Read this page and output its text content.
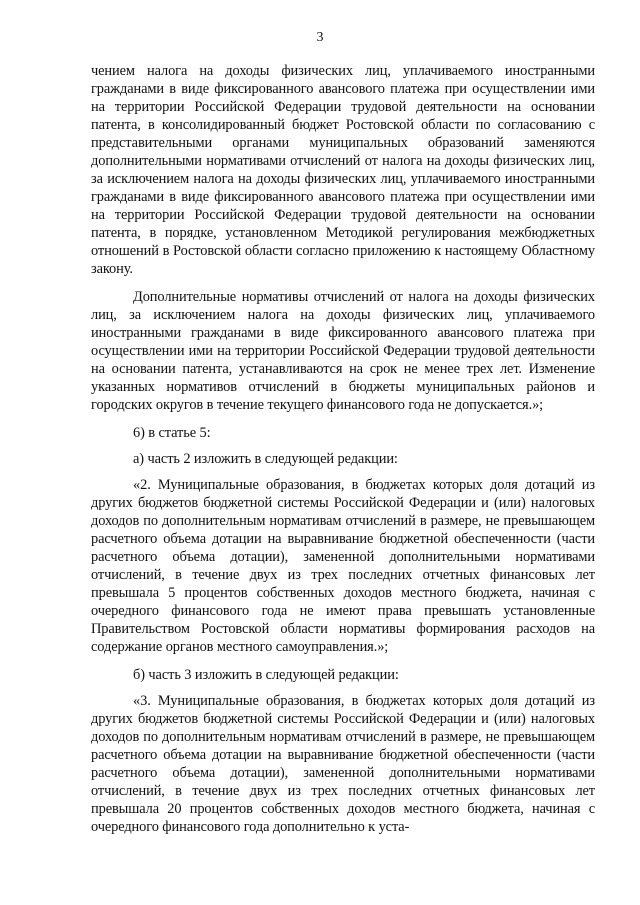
3

чением налога на доходы физических лиц, уплачиваемого иностранными гражданами в виде фиксированного авансового платежа при осуществлении ими на территории Российской Федерации трудовой деятельности на основании патента, в консолидированный бюджет Ростовской области по согласованию с представительными органами муниципальных образований заменяются дополнительными нормативами отчислений от налога на доходы физических лиц, за исключением налога на доходы физических лиц, уплачиваемого иностранными гражданами в виде фиксированного авансового платежа при осуществлении ими на территории Российской Федерации трудовой деятельности на основании патента, в порядке, установленном Методикой регулирования межбюджетных отношений в Ростовской области согласно приложению к настоящему Областному закону.

Дополнительные нормативы отчислений от налога на доходы физических лиц, за исключением налога на доходы физических лиц, уплачиваемого иностранными гражданами в виде фиксированного авансового платежа при осуществлении ими на территории Российской Федерации трудовой деятельности на основании патента, устанавливаются на срок не менее трех лет. Изменение указанных нормативов отчислений в бюджеты муниципальных районов и городских округов в течение текущего финансового года не допускается.»;

6) в статье 5:

а) часть 2 изложить в следующей редакции:

«2. Муниципальные образования, в бюджетах которых доля дотаций из других бюджетов бюджетной системы Российской Федерации и (или) налоговых доходов по дополнительным нормативам отчислений в размере, не превышающем расчетного объема дотации на выравнивание бюджетной обеспеченности (части расчетного объема дотации), замененной дополнительными нормативами отчислений, в течение двух из трех последних отчетных финансовых лет превышала 5 процентов собственных доходов местного бюджета, начиная с очередного финансового года не имеют права превышать установленные Правительством Ростовской области нормативы формирования расходов на содержание органов местного самоуправления.»;

б) часть 3 изложить в следующей редакции:

«3. Муниципальные образования, в бюджетах которых доля дотаций из других бюджетов бюджетной системы Российской Федерации и (или) налоговых доходов по дополнительным нормативам отчислений в размере, не превышающем расчетного объема дотации на выравнивание бюджетной обеспеченности (части расчетного объема дотации), замененной дополнительными нормативами отчислений, в течение двух из трех последних отчетных финансовых лет превышала 20 процентов собственных доходов местного бюджета, начиная с очередного финансового года дополнительно к уста-
